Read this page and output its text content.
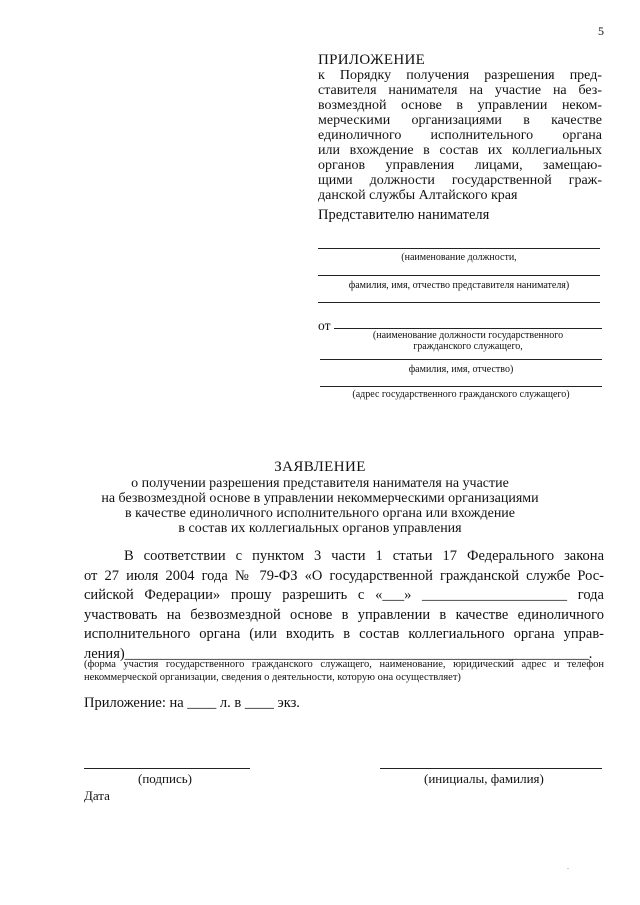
5
ПРИЛОЖЕНИЕ
к Порядку получения разрешения пред-
ставителя нанимателя на участие на без-
возмездной основе в управлении неком-
мерческими организациями в качестве
единоличного исполнительного органа
или вхождение в состав их коллегиальных
органов управления лицами, замещаю-
щими должности государственной граж-
данской службы Алтайского края
Представителю нанимателя
(наименование должности,
фамилия, имя, отчество представителя нанимателя)
от
(наименование должности государственного
гражданского служащего,
фамилия, имя, отчество)
(адрес государственного гражданского служащего)
ЗАЯВЛЕНИЕ
о получении разрешения представителя нанимателя на участие
на безвозмездной основе в управлении некоммерческими организациями
в качестве единоличного исполнительного органа или вхождение
в состав их коллегиальных органов управления
В соответствии с пунктом 3 части 1 статьи 17 Федерального закона
от 27 июля 2004 года № 79-ФЗ «О государственной гражданской службе Рос-
сийской Федерации» прошу разрешить с «___» ____________________ года
участвовать на безвозмездной основе в управлении в качестве единоличного
исполнительного органа (или входить в состав коллегиального органа управ-
ления)________________________________________________________________.
(форма участия государственного гражданского служащего, наименование, юридический адрес и телефон
некоммерческой организации, сведения о деятельности, которую она осуществляет)
Приложение: на ____ л. в ____ экз.
(подпись)	(инициалы, фамилия)
Дата
.
